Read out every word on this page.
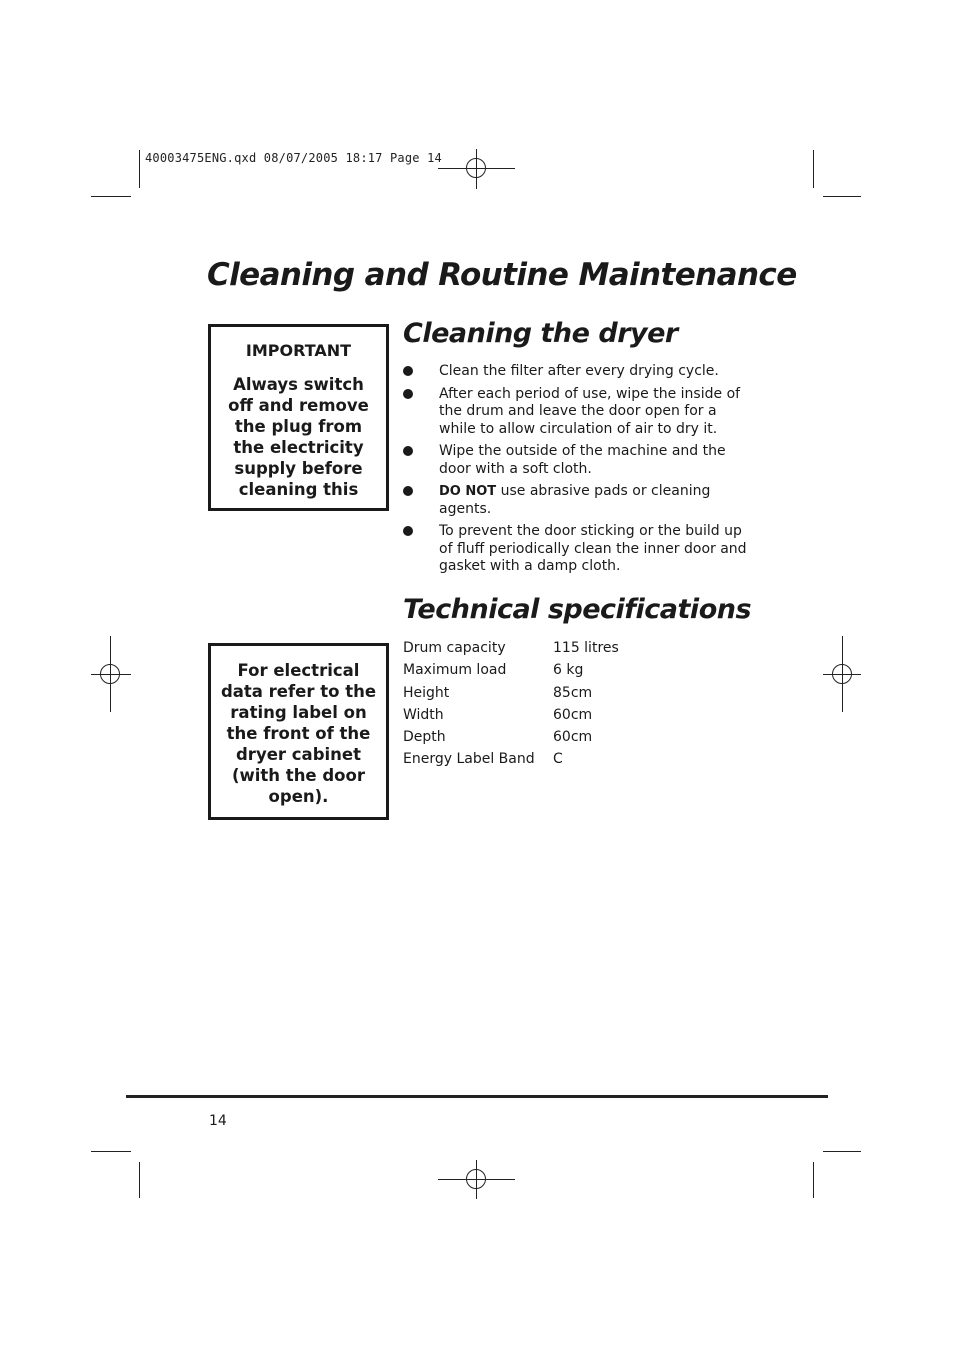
40003475ENG.qxd 08/07/2005 18:17 Page 14
Cleaning and Routine Maintenance
IMPORTANT
Always switch off and remove the plug from the electricity supply before cleaning this
Cleaning the dryer
Clean the filter after every drying cycle.
After each period of use, wipe the inside of the drum and leave the door open for a while to allow circulation of air to dry it.
Wipe the outside of the machine and the door with a soft cloth.
DO NOT use abrasive pads or cleaning agents.
To prevent the door sticking or the build up of fluff periodically clean the inner door and gasket with a damp cloth.
Technical specifications
For electrical data refer to the rating label on the front of the dryer cabinet (with the door open).
Drum capacity	115 litres
Maximum load	6 kg
Height	85cm
Width	60cm
Depth	60cm
Energy Label Band	C
14
